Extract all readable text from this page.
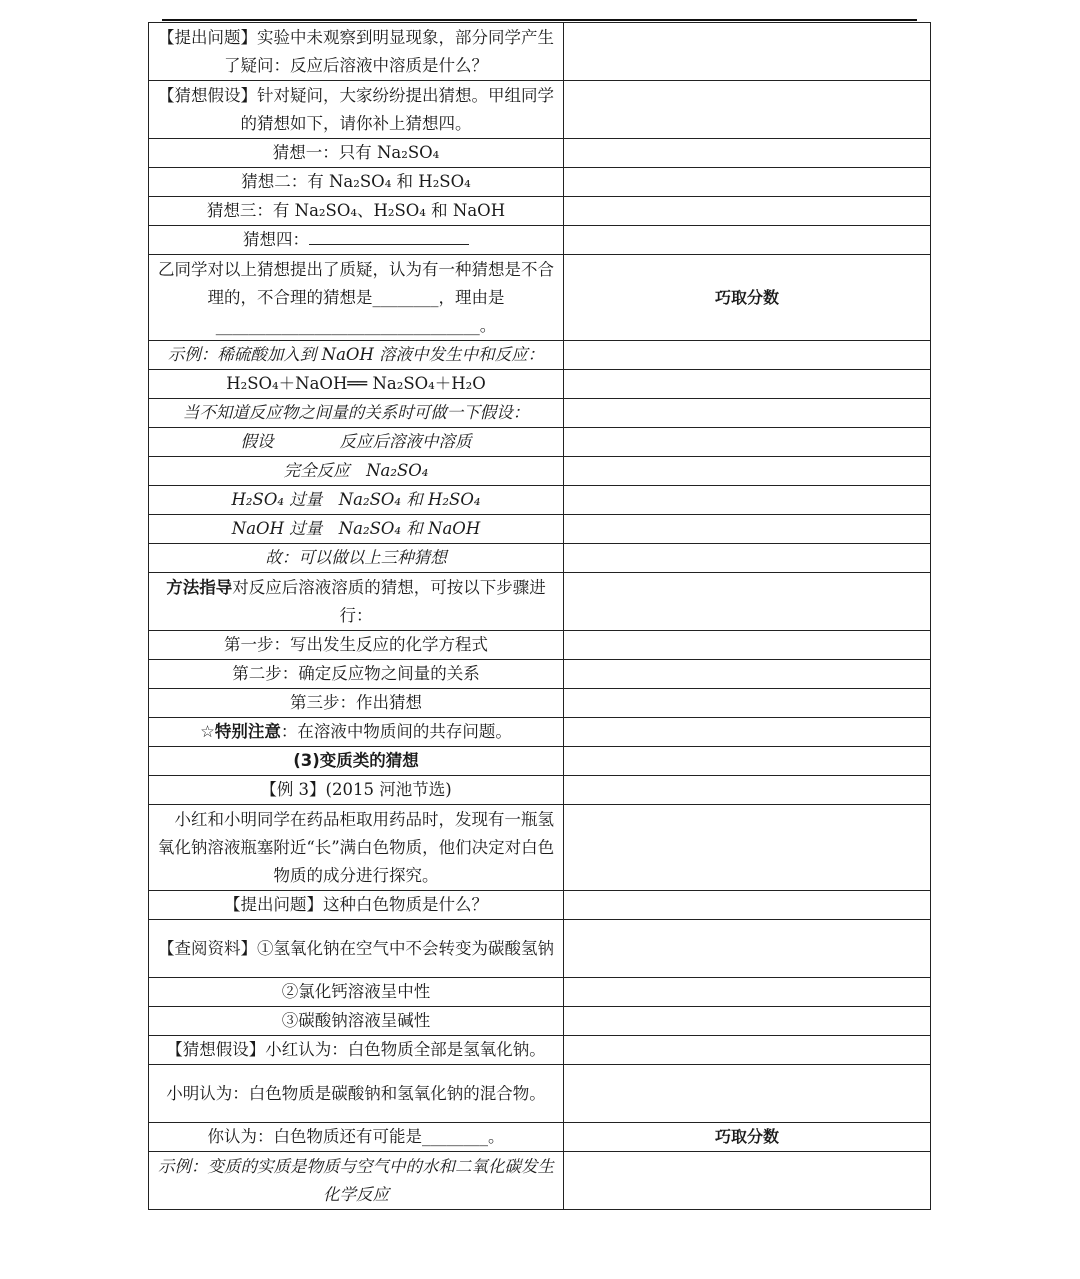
【提出问题】实验中未观察到明显现象，部分同学产生了疑问：反应后溶液中溶质是什么？	
【猜想假设】针对疑问，大家纷纷提出猜想。甲组同学的猜想如下，请你补上猜想四。	
猜想一：只有 Na₂SO₄	
猜想二：有 Na₂SO₄ 和 H₂SO₄	
猜想三：有 Na₂SO₄、H₂SO₄ 和 NaOH	
猜想四：	
乙同学对以上猜想提出了质疑，认为有一种猜想是不合理的，不合理的猜想是________，理由是________________________________。	巧取分数
示例：稀硫酸加入到 NaOH 溶液中发生中和反应：	
H₂SO₄＋NaOH══ Na₂SO₄＋H₂O	
当不知道反应物之间量的关系时可做一下假设：	
假设　　　　反应后溶液中溶质	
完全反应　Na₂SO₄	
H₂SO₄ 过量　Na₂SO₄ 和 H₂SO₄	
NaOH 过量　Na₂SO₄ 和 NaOH	
故：可以做以上三种猜想	
方法指导对反应后溶液溶质的猜想，可按以下步骤进行：	
第一步：写出发生反应的化学方程式	
第二步：确定反应物之间量的关系	
第三步：作出猜想	
☆特别注意：在溶液中物质间的共存问题。	
(3)变质类的猜想	
【例 3】(2015 河池节选)	
　小红和小明同学在药品柜取用药品时，发现有一瓶氢氧化钠溶液瓶塞附近“长”满白色物质，他们决定对白色物质的成分进行探究。	
【提出问题】这种白色物质是什么？	
【查阅资料】①氢氧化钠在空气中不会转变为碳酸氢钠	
②氯化钙溶液呈中性	
③碳酸钠溶液呈碱性	
【猜想假设】小红认为：白色物质全部是氢氧化钠。	
小明认为：白色物质是碳酸钠和氢氧化钠的混合物。	
你认为：白色物质还有可能是________。	巧取分数
示例：变质的实质是物质与空气中的水和二氧化碳发生化学反应	
